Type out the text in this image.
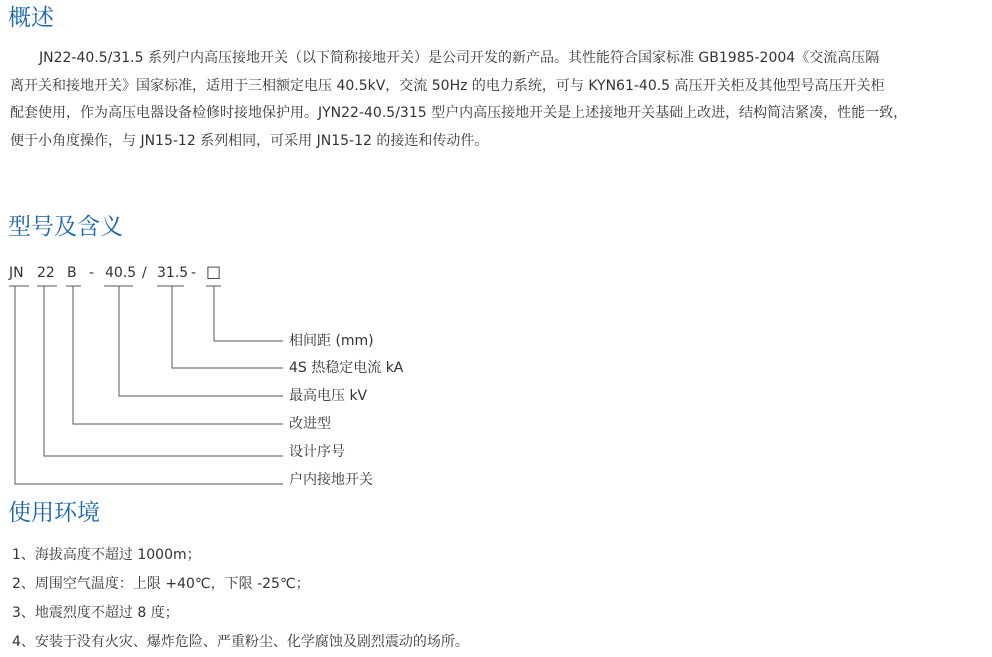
概述

JN22-40.5/31.5 系列户内高压接地开关（以下简称接地开关）是公司开发的新产品。其性能符合国家标准 GB1985-2004《交流高压隔
离开关和接地开关》国家标准，适用于三相额定电压 40.5kV，交流 50Hz 的电力系统，可与 KYN61-40.5 高压开关柜及其他型号高压开关柜
配套使用，作为高压电器设备检修时接地保护用。JYN22-40.5/315 型户内高压接地开关是上述接地开关基础上改进，结构简洁紧凑，性能一致，
便于小角度操作，与 JN15-12 系列相同，可采用 JN15-12 的接连和传动件。

型号及含义
JN 22 B - 40.5 / 31.5 - □
相间距 (mm)
4S 热稳定电流 kA
最高电压 kV
改进型
设计序号
户内接地开关
使用环境
1、海拔高度不超过 1000m；
2、周围空气温度：上限 +40℃，下限 -25℃；
3、地震烈度不超过 8 度；
4、安装于没有火灾、爆炸危险、严重粉尘、化学腐蚀及剧烈震动的场所。
